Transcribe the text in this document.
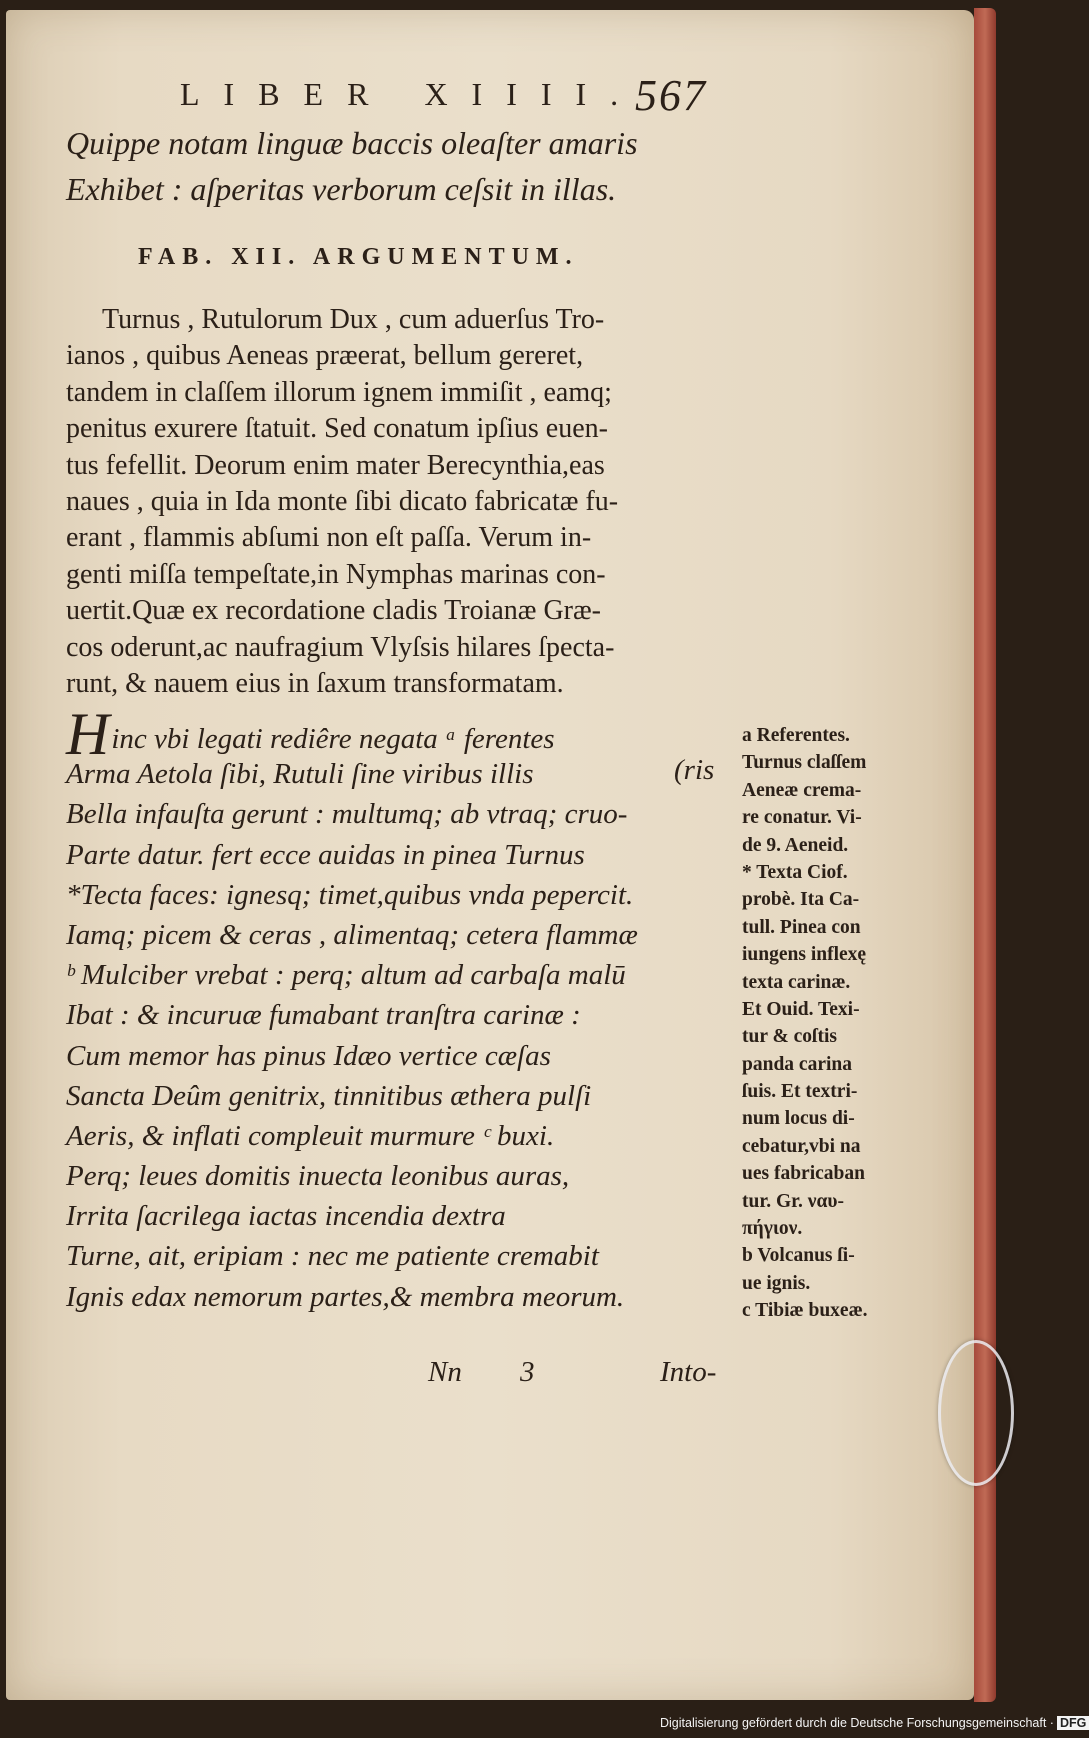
LIBER XIIII.
567
Quippe notam linguæ baccis oleaſter amaris
Exhibet : aſperitas verborum ceſsit in illas.
FAB. XII. ARGUMENTUM.
Turnus , Rutulorum Dux , cum aduerſus Tro-
ianos , quibus Aeneas præerat, bellum gereret,
tandem in claſſem illorum ignem immiſit , eamq;
penitus exurere ſtatuit. Sed conatum ipſius euen-
tus fefellit. Deorum enim mater Berecynthia,eas
naues , quia in Ida monte ſibi dicato fabricatæ fu-
erant , flammis abſumi non eſt paſſa. Verum in-
genti miſſa tempeſtate,in Nymphas marinas con-
uertit.Quæ ex recordatione cladis Troianæ Græ-
cos oderunt,ac naufragium Vlyſsis hilares ſpecta-
runt, & nauem eius in ſaxum transformatam.
Hinc vbi legati rediêre negata ᵃ ferentes
Arma Aetola ſibi, Rutuli ſine viribus illis	(ris
Bella infauſta gerunt : multumq; ab vtraq; cruo-
Parte datur. fert ecce auidas in pinea Turnus
*Tecta faces: ignesq; timet,quibus vnda pepercit.
Iamq; picem & ceras , alimentaq; cetera flammæ
ᵇ Mulciber vrebat : perq; altum ad carbaſa malū
Ibat : & incuruæ fumabant tranſtra carinæ :
Cum memor has pinus Idæo vertice cæſas
Sancta Deûm genitrix, tinnitibus æthera pulſi
Aeris, & inflati compleuit murmure ᶜ buxi.
Perq; leues domitis inuecta leonibus auras,
Irrita ſacrilega iactas incendia dextra
Turne, ait, eripiam : nec me patiente cremabit
Ignis edax nemorum partes,& membra meorum.
a Referentes.
Turnus claſſem
Aeneæ crema-
re conatur. Vi-
de 9. Aeneid.
* Texta Ciof.
probè. Ita Ca-
tull. Pinea con
iungens inflexę
texta carinæ.
Et Ouid. Texi-
tur & coſtis
panda carina
ſuis. Et textri-
num locus di-
cebatur,vbi na
ues fabricaban
tur. Gr. ναυ-
πήγιον.
b Volcanus ſi-
ue ignis.
c Tibiæ buxeæ.
Nn 3	Into-
Digitalisierung gefördert durch die Deutsche Forschungsgemeinschaft · DFG
